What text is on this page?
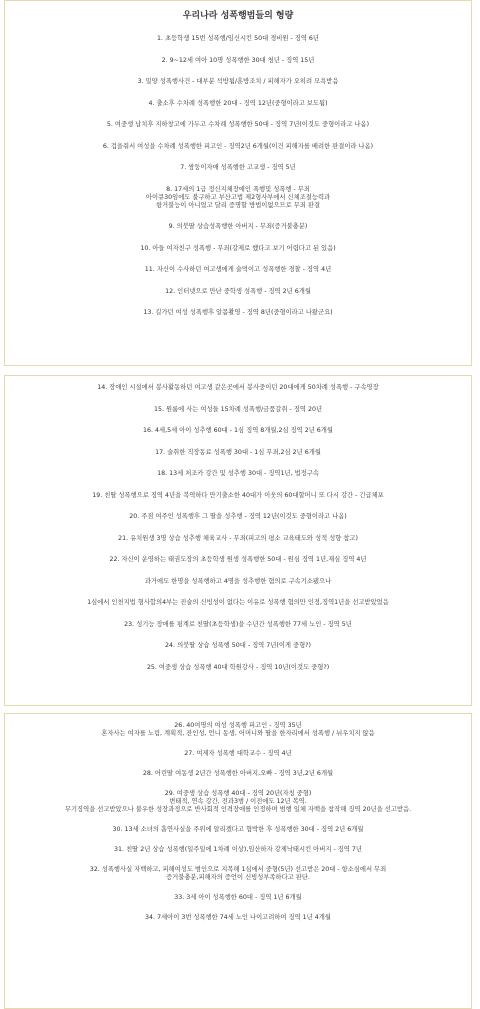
우리나라 성폭행범들의 형량
1. 초등학생 15번 성폭행/임신시킨 50대 경비원 - 징역 6년
2. 9~12세 여아 10명 성폭행한 30대 청년 - 징역 15년
3. 밀양 성폭행사건 - 대부분 석방됨/훈방조치 / 피해자가 오히려 모욕받음
4. 출소후 수차례 성폭행한 20대 - 징역 12년(중형이라고 보도됨)
5. 여중생 납치후 지하창고에 가두고 수차례 성폭행한 50대 - 징역 7년(이것도 중형이라고 나옴)
6. 겁을줘서 여성을 수차례 성폭행한 피고인 - 징역2년 6개월(이건 피해자를 배려한 판결이라 나옴)
7. 쌍둥이자매 성폭행한 고교생 - 징역 5년
8. 17세의 1급 정신지체장애인 폭행및 성폭행 - 무죄
아이큐30임에도 불구하고 부산고법 제2형사부에서 신체조절능력과
항거불능이 아니었고 달리 증명할 방법이없으므로 무죄 판결
9. 의붓딸 상습성폭행한 아버지 - 무죄(증거불충분)
10. 아들 여자친구 성폭행 - 무죄(강제로 했다고 보기 어렵다고 된 있음)
11. 자신이 수사하던 여고생에게 술먹이고 성폭행한 경찰 - 징역 4년
12. 인터넷으로 만난 중학생 성폭행 - 징역 2년 6개월
13. 길가던 여성 성폭행후 알몸촬영 - 징역 8년(중형이라고 나왔군요)
14. 장애인 시설에서 봉사활동하던 여고생 같은곳에서 봉사중이던 20대에게 50차례 성폭행 - 구속영장
15. 원룸에 사는 여성들 15차례 성폭행/금품갈취 - 징역 20년
16. 4세,5세 아이 성추행 60대 - 1심 징역 8개월,2심 징역 2년 6개월
17. 술취한 직장동료 성폭행 30대 - 1심 무죄,2심 2년 6개월
18. 13세 처조카 강간 및 성추행 30대 - 징역1년, 법정구속
19. 친딸 성폭행으로 징역 4년을 복역하다 만기출소한 40대가 이웃의 60대할머니 또 다시 강간 - 긴급체포
20. 주점 여주인 성폭행후 그 딸을 성추행 - 징역 12년(이것도 중형이라고 나옴)
21. 유치원생 3명 상습 성추행 체육교사 - 무죄(피고의 평소 교육태도와 성적 성향 참고)
22. 자신이 운영하는 태권도장의 초등학생 원생 성폭행한 50대 - 원심 징역 1년,재심 징역 4년
과거에도 한명을 성폭행하고 4명을 성추행한 혐의로 구속기소됐으나
1심에서 인천지법 형사합의4부는 진술의 신빙성이 없다는 이유로 성폭행 혐의만 인정,징역1년을 선고받았었음
23. 성기능 장애를 핑계로 친딸(초등학생)을 수년간 성폭행한 77세 노인 - 징역 5년
24. 의붓딸 상습 성폭행 50대 - 징역 7년(이게 중형?)
25. 여중생 상습 성폭행 40대 학원강사 - 징역 10년(이것도 중형?)
26. 40여명의 여성 성폭행 피고인 - 징역 35년
혼자사는 여자를 노림, 계획적, 잔인성, 언니 동생, 어머니와 딸을 한자리에서 성폭행 / 뉘우치지 않음
27. 여제자 성폭행 대학교수 - 징역 4년
28. 어린딸 여동생 2년간 성폭행한 아버지,오빠 - 징역 3년,2년 6개월
29. 여중생 상습 성폭행 40대 - 징역 20년(자칭 중형)
변태적, 연속 강간, 전과3범 / 이전에도 12년 복역.
무기징역을 선고받았으나 불우한 성장과정으로 반사회적 인격장애를 인정하며 범행 일체 자백을 참작해 징역 20년을 선고받음.
30. 13세 소녀의 흡연사실을 주위에 알리겠다고 협박한 후 성폭행한 30대 - 징역 2년 6개월
31. 친딸 2년 상습 성폭행(일주일에 1차례 이상),임산하자 강제낙태시킨 아버지 - 징역 7년
32. 성폭행사실 자백하고, 피해여성도 범인으로 지목해 1심에서 중형(5년) 선고받은 20대 - 항소심에서 무죄
증거불충분,피해자의 증언이 신빙성부족하다고 판단.
33. 3세 아이 성폭행한 60대 - 징역 1년 6개월
34. 7세아이 3번 성폭행한 74세 노인 나이고려하여 징역 1년 4개월
